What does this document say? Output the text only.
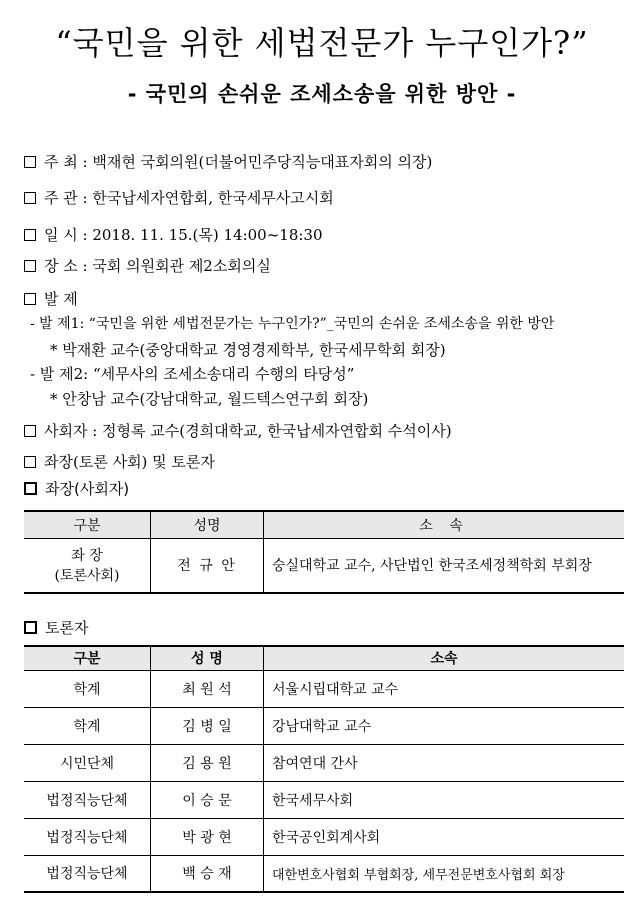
“국민을 위한 세법전문가 누구인가?”
- 국민의 손쉬운 조세소송을 위한 방안 -
주 최 : 백재현 국회의원(더불어민주당직능대표자회의 의장)
주 관 : 한국납세자연합회, 한국세무사고시회
일 시 : 2018. 11. 15.(목) 14:00~18:30
장 소 : 국회 의원회관 제2소회의실
발 제
- 발 제1: “국민을 위한 세법전문가는 누구인가?”_국민의 손쉬운 조세소송을 위한 방안
* 박재환 교수(중앙대학교 경영경제학부, 한국세무학회 회장)
- 발 제2: “세무사의 조세소송대리 수행의 타당성”
* 안창남 교수(강남대학교, 월드텍스연구회 회장)
사회자 : 정형록 교수(경희대학교, 한국납세자연합회 수석이사)
좌장(토론 사회) 및 토론자
좌장(사회자)
구분	성명	소 속

좌 장
(토론사회)	전 규 안	숭실대학교 교수, 사단법인 한국조세정책학회 부회장
토론자
구분	성 명	소속
학계	최 원 석	서울시립대학교 교수
학계	김 병 일	강남대학교 교수
시민단체	김 용 원	참여연대 간사
법정직능단체	이 승 문	한국세무사회
법정직능단체	박 광 현	한국공인회계사회
법정직능단체	백 승 재	대한변호사협회 부협회장, 세무전문변호사협회 회장
